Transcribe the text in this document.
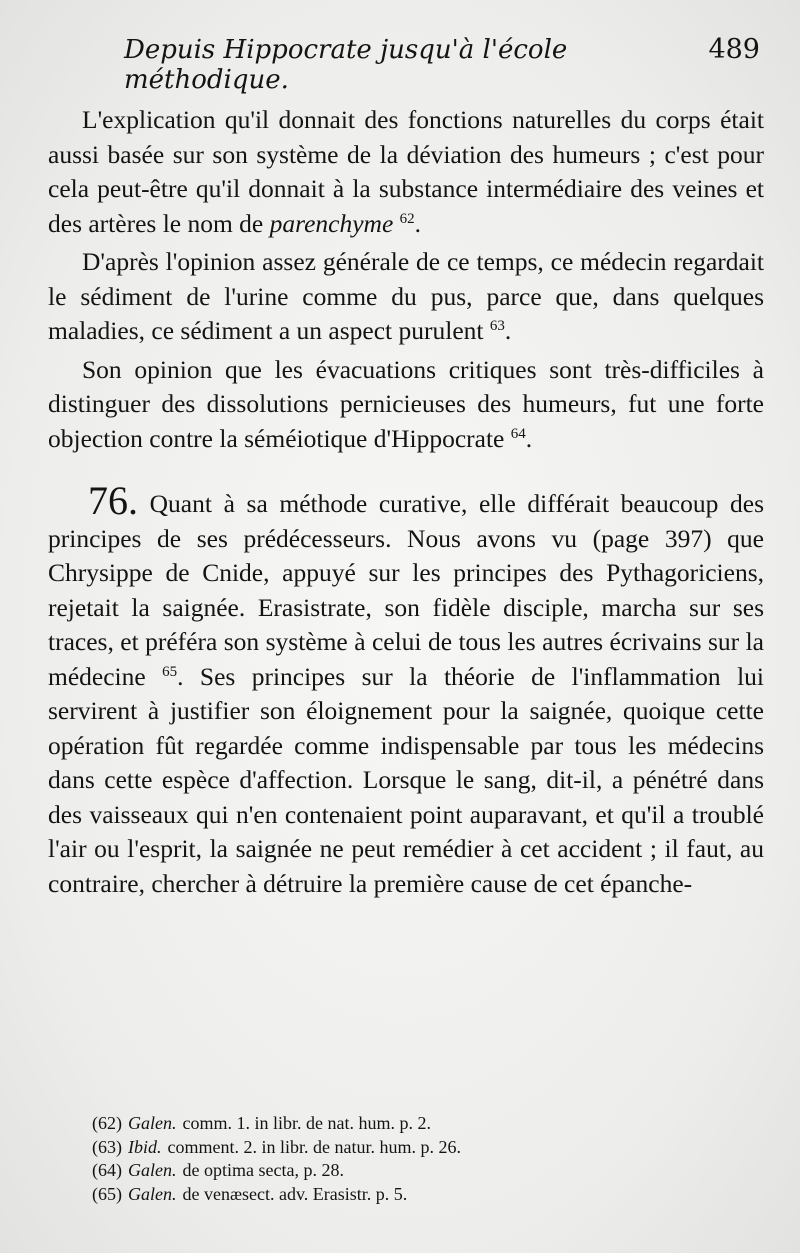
Depuis Hippocrate jusqu'à l'école méthodique.
489

L'explication qu'il donnait des fonctions naturelles du corps était aussi basée sur son système de la déviation des humeurs ; c'est pour cela peut-être qu'il donnait à la substance intermédiaire des veines et des artères le nom de parenchyme $^{62}$.

D'après l'opinion assez générale de ce temps, ce médecin regardait le sédiment de l'urine comme du pus, parce que, dans quelques maladies, ce sédiment a un aspect purulent $^{63}$.

Son opinion que les évacuations critiques sont très-difficiles à distinguer des dissolutions pernicieuses des humeurs, fut une forte objection contre la séméiotique d'Hippocrate $^{64}$.

76. Quant à sa méthode curative, elle différait beaucoup des principes de ses prédécesseurs. Nous avons vu (page 397) que Chrysippe de Cnide, appuyé sur les principes des Pythagoriciens, rejetait la saignée. Erasistrate, son fidèle disciple, marcha sur ses traces, et préféra son système à celui de tous les autres écrivains sur la médecine $^{65}$. Ses principes sur la théorie de l'inflammation lui servirent à justifier son éloignement pour la saignée, quoique cette opération fût regardée comme indispensable par tous les médecins dans cette espèce d'affection. Lorsque le sang, dit-il, a pénétré dans des vaisseaux qui n'en contenaient point auparavant, et qu'il a troublé l'air ou l'esprit, la saignée ne peut remédier à cet accident ; il faut, au contraire, chercher à détruire la première cause de cet épanche-

(62) Galen. comm. 1. in libr. de nat. hum. p. 2.
(63) Ibid. comment. 2. in libr. de natur. hum. p. 26.
(64) Galen. de optima secta, p. 28.
(65) Galen. de venæsect. adv. Erasistr. p. 5.
